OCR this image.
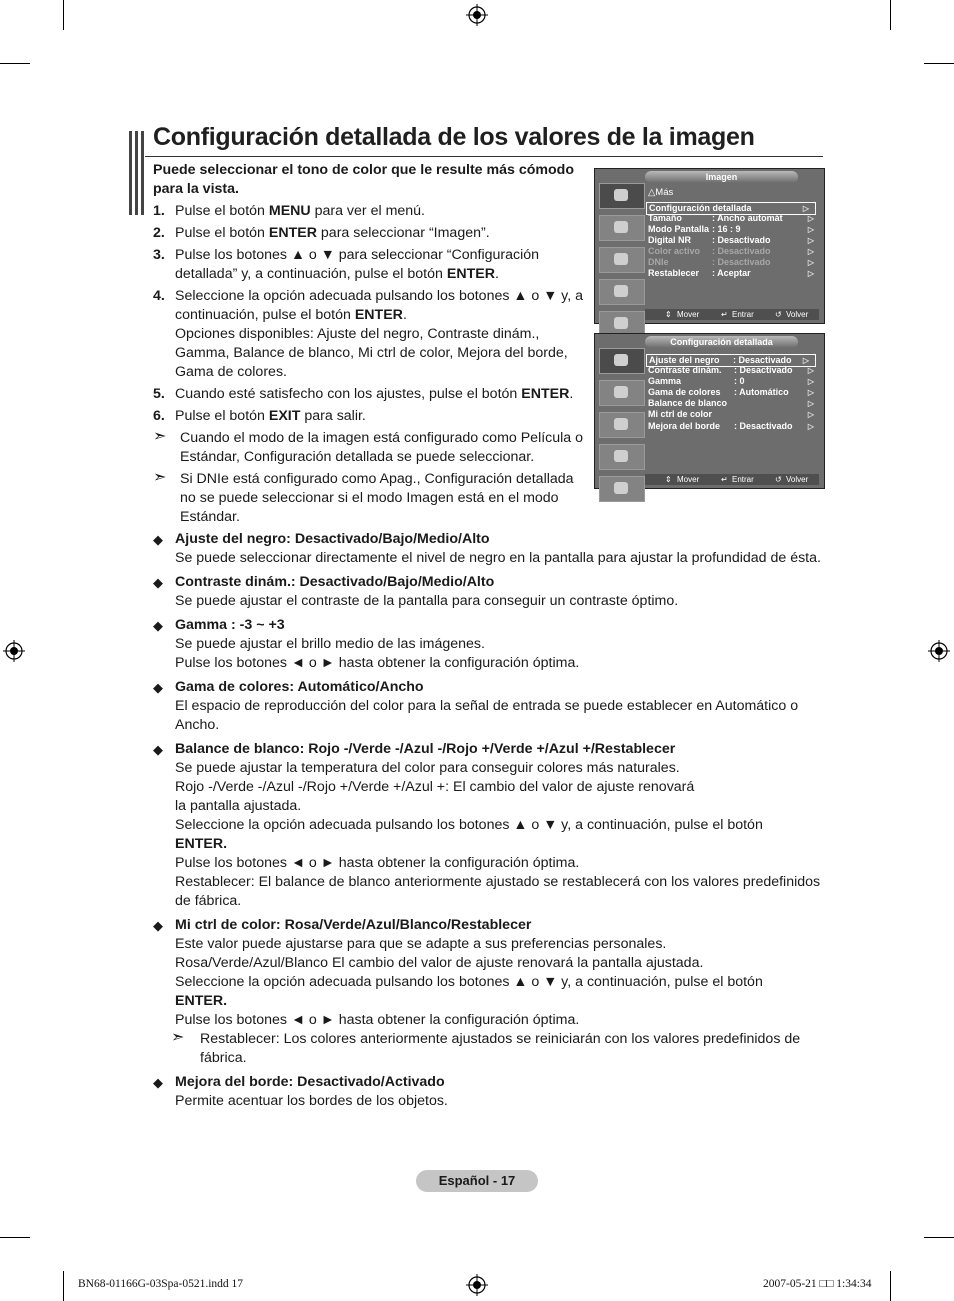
Configuración detallada de los valores de la imagen
Puede seleccionar el tono de color que le resulte más cómodo para la vista.
1. Pulse el botón MENU para ver el menú.
2. Pulse el botón ENTER para seleccionar “Imagen”.
3. Pulse los botones ▲ o ▼ para seleccionar “Configuración detallada” y, a continuación, pulse el botón ENTER.
4. Seleccione la opción adecuada pulsando los botones ▲ o ▼ y, a continuación, pulse el botón ENTER.
Opciones disponibles: Ajuste del negro, Contraste dinám., Gamma, Balance de blanco, Mi ctrl de color, Mejora del borde, Gama de colores.
5. Cuando esté satisfecho con los ajustes, pulse el botón ENTER.
6. Pulse el botón EXIT para salir.
➣ Cuando el modo de la imagen está configurado como Película o Estándar, Configuración detallada se puede seleccionar.
➣ Si DNIe está configurado como Apag., Configuración detallada no se puede seleccionar si el modo Imagen está en el modo Estándar.
Imagen
△Más
Configuración detallada	▷
Tamaño	: Ancho automát	▷
Modo Pantalla : 16 : 9	▷
Digital NR : Desactivado	▷
Color activo : Desactivado	▷
DNIe	: Desactivado	▷
Restablecer : Aceptar	▷
⇕ Mover	↵ Entrar	↺ Volver
Configuración detallada
Ajuste del negro : Desactivado ▷
Contraste dinám. : Desactivado ▷
Gamma	: 0	▷
Gama de colores : Automático ▷
Balance de blanco	▷
Mi ctrl de color	▷
Mejora del borde : Desactivado ▷
⇕ Mover	↵ Entrar	↺ Volver
◆ Ajuste del negro: Desactivado/Bajo/Medio/Alto
Se puede seleccionar directamente el nivel de negro en la pantalla para ajustar la profundidad de ésta.
◆ Contraste dinám.: Desactivado/Bajo/Medio/Alto
Se puede ajustar el contraste de la pantalla para conseguir un contraste óptimo.
◆ Gamma : -3 ~ +3
Se puede ajustar el brillo medio de las imágenes.
Pulse los botones ◄ o ► hasta obtener la configuración óptima.
◆ Gama de colores: Automático/Ancho
El espacio de reproducción del color para la señal de entrada se puede establecer en Automático o Ancho.
◆ Balance de blanco: Rojo -/Verde -/Azul -/Rojo +/Verde +/Azul +/Restablecer
Se puede ajustar la temperatura del color para conseguir colores más naturales.
Rojo -/Verde -/Azul -/Rojo +/Verde +/Azul +: El cambio del valor de ajuste renovará la pantalla ajustada.
Seleccione la opción adecuada pulsando los botones ▲ o ▼ y, a continuación, pulse el botón
ENTER.
Pulse los botones ◄ o ► hasta obtener la configuración óptima.
Restablecer: El balance de blanco anteriormente ajustado se restablecerá con los valores predefinidos de fábrica.
◆ Mi ctrl de color: Rosa/Verde/Azul/Blanco/Restablecer
Este valor puede ajustarse para que se adapte a sus preferencias personales.
Rosa/Verde/Azul/Blanco El cambio del valor de ajuste renovará la pantalla ajustada.
Seleccione la opción adecuada pulsando los botones ▲ o ▼ y, a continuación, pulse el botón
ENTER.
Pulse los botones ◄ o ► hasta obtener la configuración óptima.
➣ Restablecer: Los colores anteriormente ajustados se reiniciarán con los valores predefinidos de fábrica.
◆ Mejora del borde: Desactivado/Activado
Permite acentuar los bordes de los objetos.
Español - 17
BN68-01166G-03Spa-0521.indd 17	2007-05-21 □□ 1:34:34
